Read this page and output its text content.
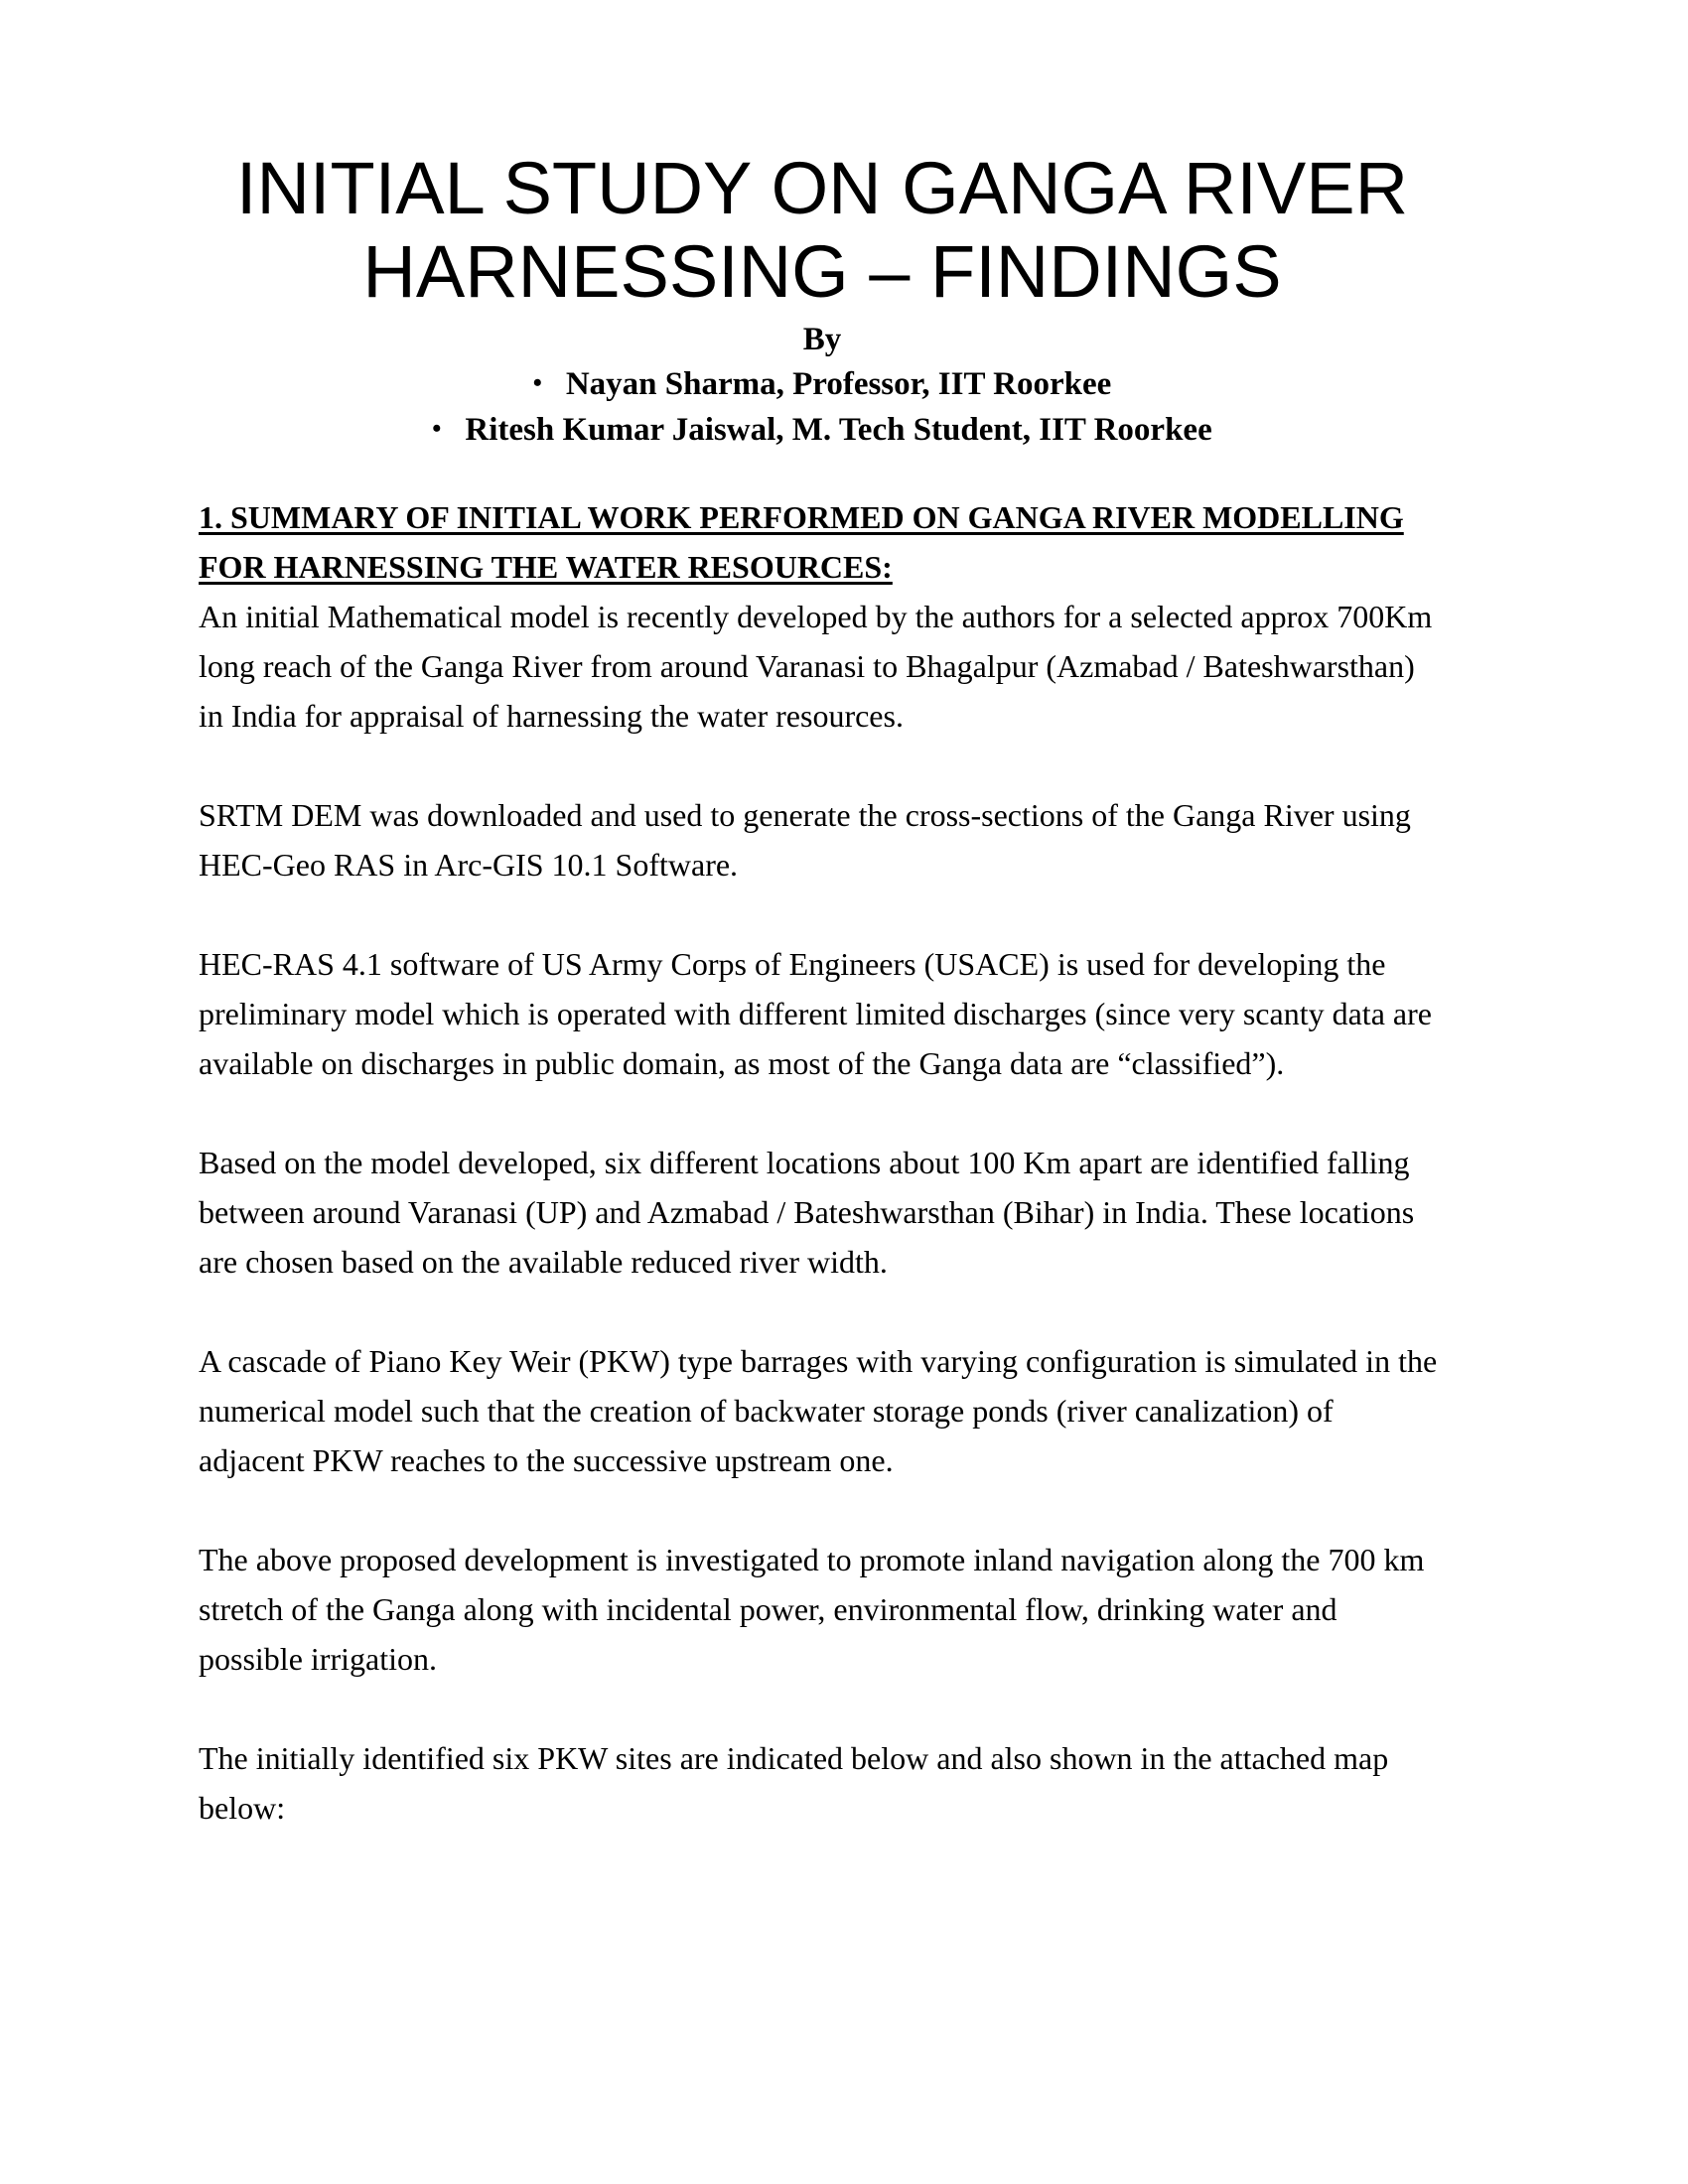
INITIAL STUDY ON GANGA RIVER
HARNESSING – FINDINGS
By
• Nayan Sharma, Professor, IIT Roorkee
• Ritesh Kumar Jaiswal, M. Tech Student, IIT Roorkee
1. SUMMARY OF INITIAL WORK PERFORMED ON GANGA RIVER MODELLING
FOR HARNESSING THE WATER RESOURCES:

An initial Mathematical model is recently developed by the authors for a selected approx 700Km long reach of the Ganga River from around Varanasi to Bhagalpur (Azmabad / Bateshwarsthan) in India for appraisal of harnessing the water resources.

SRTM DEM was downloaded and used to generate the cross-sections of the Ganga River using HEC-Geo RAS in Arc-GIS 10.1 Software.

HEC-RAS 4.1 software of US Army Corps of Engineers (USACE) is used for developing the preliminary model which is operated with different limited discharges (since very scanty data are available on discharges in public domain, as most of the Ganga data are “classified”).

Based on the model developed, six different locations about 100 Km apart are identified falling between around Varanasi (UP) and Azmabad / Bateshwarsthan (Bihar) in India. These locations are chosen based on the available reduced river width.

A cascade of Piano Key Weir (PKW) type barrages with varying configuration is simulated in the numerical model such that the creation of backwater storage ponds (river canalization) of adjacent PKW reaches to the successive upstream one.

The above proposed development is investigated to promote inland navigation along the 700 km stretch of the Ganga along with incidental power, environmental flow, drinking water and possible irrigation.

The initially identified six PKW sites are indicated below and also shown in the attached map below:
